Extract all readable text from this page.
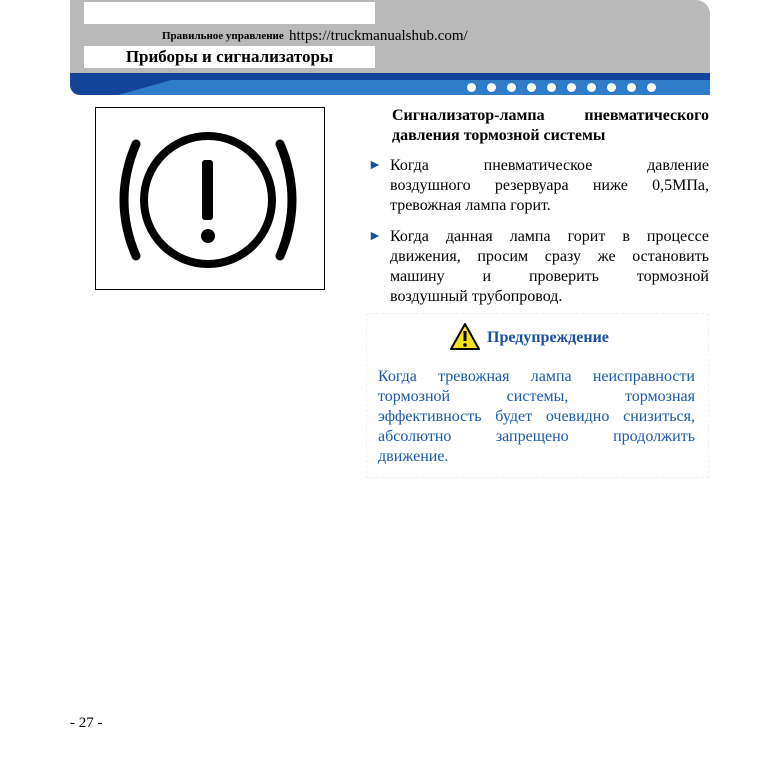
Правильное управление https://truckmanualshub.com/
Приборы и сигнализаторы
Сигнализатор-лампа пневматического
давления тормозной системы
► Когда пневматическое давление
воздушного резервуара ниже 0,5МПа,
тревожная лампа горит.
► Когда данная лампа горит в процессе
движения, просим сразу же остановить
машину и проверить тормозной
воздушный трубопровод.
Предупреждение
Когда тревожная лампа неисправности
тормозной системы, тормозная
эффективность будет очевидно снизиться,
абсолютно запрещено продолжить
движение.
- 27 -
